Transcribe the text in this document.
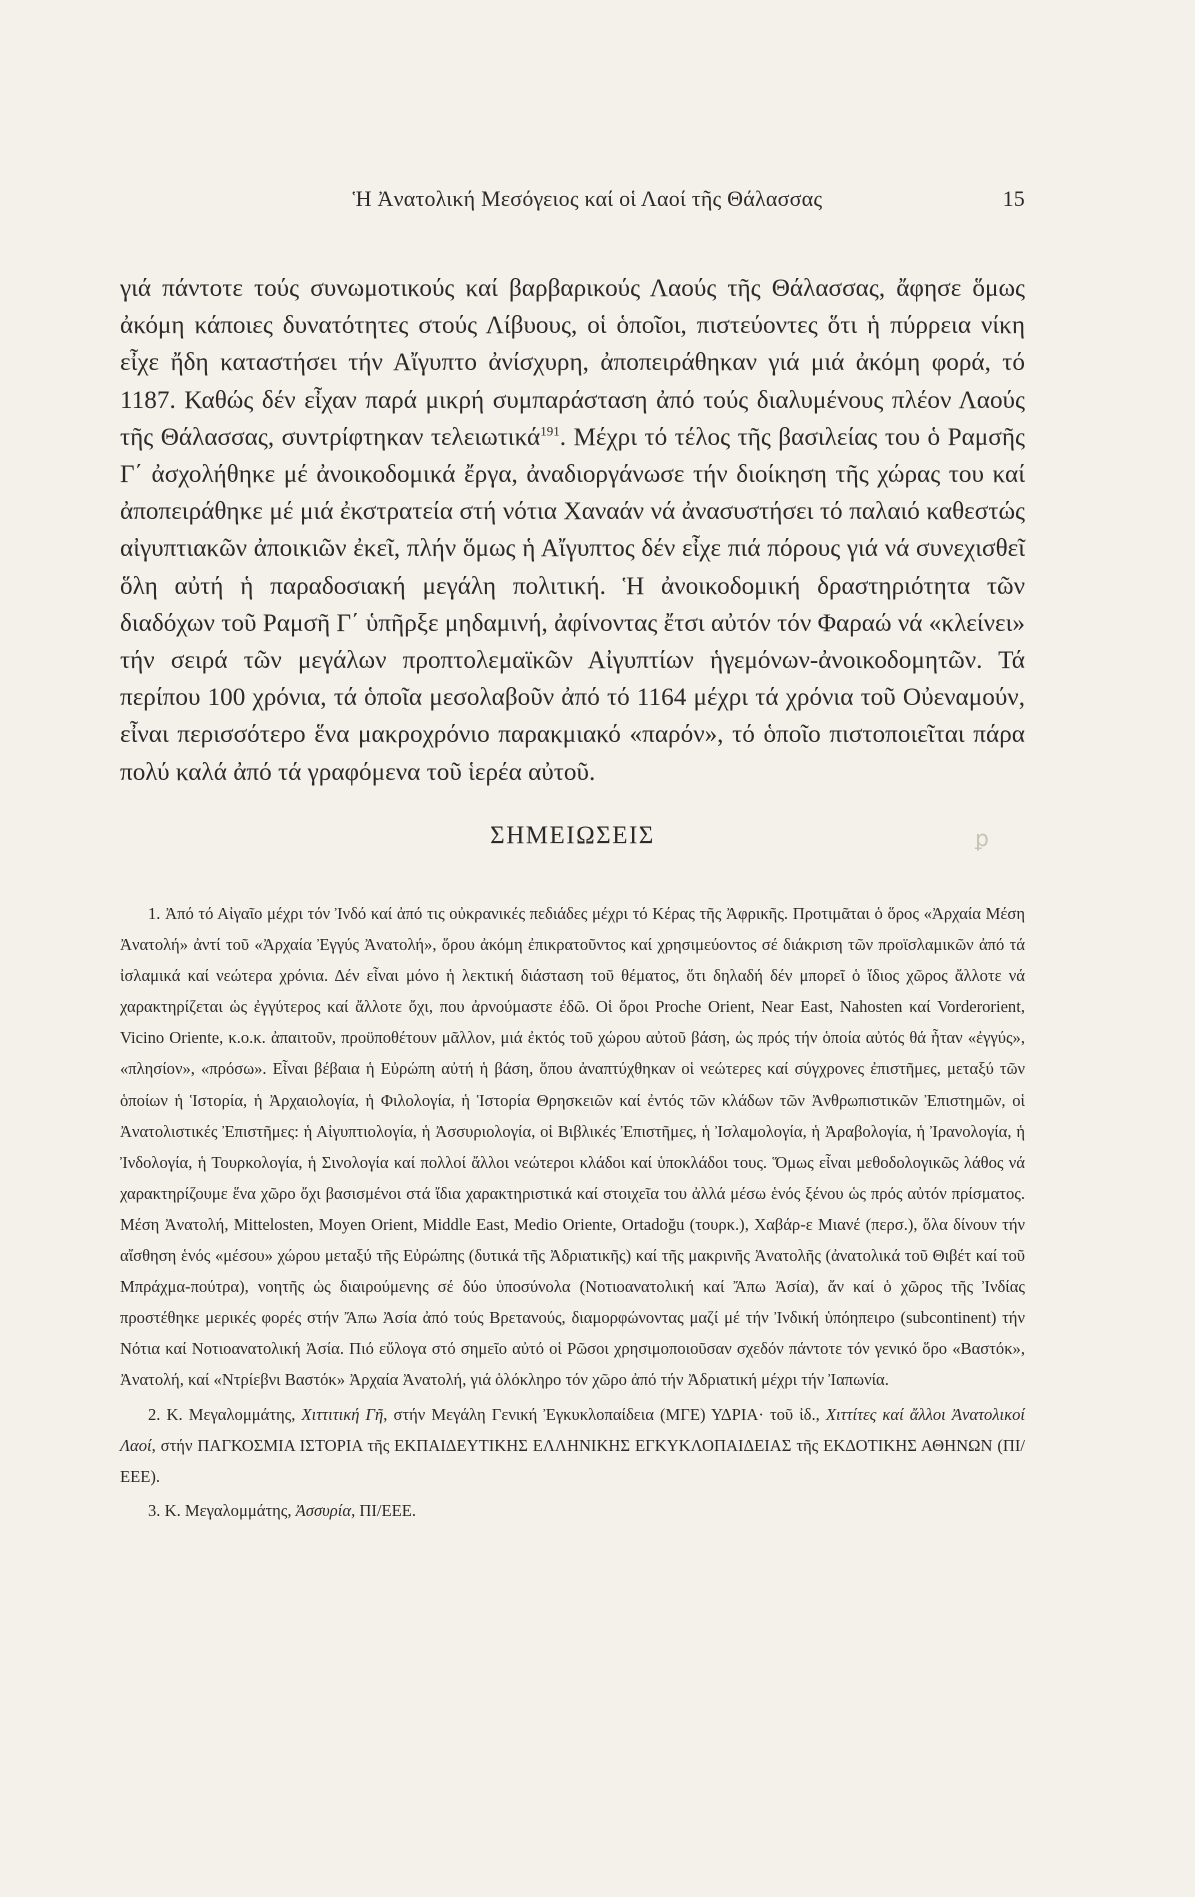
Ἡ Ἀνατολική Μεσόγειος καί οἱ Λαοί τῆς Θάλασσας	15

γιά πάντοτε τούς συνωμοτικούς καί βαρβαρικούς Λαούς τῆς Θάλασσας, ἄφησε ὅμως ἀκόμη κάποιες δυνατότητες στούς Λίβυους, οἱ ὁποῖοι, πιστεύοντες ὅτι ἡ πύρρεια νίκη εἶχε ἤδη καταστήσει τήν Αἴγυπτο ἀνίσχυρη, ἀποπειράθηκαν γιά μιά ἀκόμη φορά, τό 1187. Καθώς δέν εἶχαν παρά μικρή συμπαράσταση ἀπό τούς διαλυμένους πλέον Λαούς τῆς Θάλασσας, συντρίφτηκαν τελειωτικά$^{191}$. Μέχρι τό τέλος τῆς βασιλείας του ὁ Ραμσῆς Γ΄ ἀσχολήθηκε μέ ἀνοικοδομικά ἔργα, ἀναδιοργάνωσε τήν διοίκηση τῆς χώρας του καί ἀποπειράθηκε μέ μιά ἐκστρατεία στή νότια Χαναάν νά ἀνασυστήσει τό παλαιό καθεστώς αἰγυπτιακῶν ἀποικιῶν ἐκεῖ, πλήν ὅμως ἡ Αἴγυπτος δέν εἶχε πιά πόρους γιά νά συνεχισθεῖ ὅλη αὐτή ἡ παραδοσιακή μεγάλη πολιτική. Ἡ ἀνοικοδομική δραστηριότητα τῶν διαδόχων τοῦ Ραμσῆ Γ΄ ὑπῆρξε μηδαμινή, ἀφίνοντας ἔτσι αὐτόν τόν Φαραώ νά «κλείνει» τήν σειρά τῶν μεγάλων προπτολεμαϊκῶν Αἰγυπτίων ἡγεμόνων-ἀνοικοδομητῶν. Τά περίπου 100 χρόνια, τά ὁποῖα μεσολαβοῦν ἀπό τό 1164 μέχρι τά χρόνια τοῦ Οὐεναμούν, εἶναι περισσότερο ἕνα μακροχρόνιο παρακμιακό «παρόν», τό ὁποῖο πιστοποιεῖται πάρα πολύ καλά ἀπό τά γραφόμενα τοῦ ἱερέα αὐτοῦ.

ΣΗΜΕΙΩΣΕΙΣ	ꝑ

1. Ἀπό τό Αἰγαῖο μέχρι τόν Ἰνδό καί ἀπό τις οὐκρανικές πεδιάδες μέχρι τό Κέρας τῆς Ἀφρικῆς. Προτιμᾶται ὁ ὅρος «Ἀρχαία Μέση Ἀνατολή» ἀντί τοῦ «Ἀρχαία Ἐγγύς Ἀνατολή», ὅρου ἀκόμη ἐπικρατοῦντος καί χρησιμεύοντος σέ διάκριση τῶν προϊσλαμικῶν ἀπό τά ἰσλαμικά καί νεώτερα χρόνια. Δέν εἶναι μόνο ἡ λεκτική διάσταση τοῦ θέματος, ὅτι δηλαδή δέν μπορεῖ ὁ ἴδιος χῶρος ἄλλοτε νά χαρακτηρίζεται ὡς ἐγγύτερος καί ἄλλοτε ὄχι, που ἀρνούμαστε ἐδῶ. Οἱ ὅροι Proche Orient, Near East, Nahosten καί Vorderorient, Vicino Oriente, κ.ο.κ. ἀπαιτοῦν, προϋποθέτουν μᾶλλον, μιά ἐκτός τοῦ χώρου αὐτοῦ βάση, ὡς πρός τήν ὁποία αὐτός θά ἦταν «ἐγγύς», «πλησίον», «πρόσω». Εἶναι βέβαια ἡ Εὐρώπη αὐτή ἡ βάση, ὅπου ἀναπτύχθηκαν οἱ νεώτερες καί σύγχρονες ἐπιστῆμες, μεταξύ τῶν ὁποίων ἡ Ἱστορία, ἡ Ἀρχαιολογία, ἡ Φιλολογία, ἡ Ἱστορία Θρησκειῶν καί ἐντός τῶν κλάδων τῶν Ἀνθρωπιστικῶν Ἐπιστημῶν, οἱ Ἀνατολιστικές Ἐπιστῆμες: ἡ Αἰγυπτιολογία, ἡ Ἀσσυριολογία, οἱ Βιβλικές Ἐπιστῆμες, ἡ Ἰσλαμολογία, ἡ Ἀραβολογία, ἡ Ἰρανολογία, ἡ Ἰνδολογία, ἡ Τουρκολογία, ἡ Σινολογία καί πολλοί ἄλλοι νεώτεροι κλάδοι καί ὑποκλάδοι τους. Ὅμως εἶναι μεθοδολογικῶς λάθος νά χαρακτηρίζουμε ἕνα χῶρο ὄχι βασισμένοι στά ἴδια χαρακτηριστικά καί στοιχεῖα του ἀλλά μέσω ἑνός ξένου ὡς πρός αὐτόν πρίσματος. Μέση Ἀνατολή, Mittelosten, Moyen Orient, Middle East, Medio Oriente, Ortadoğu (τουρκ.), Χαβάρ-ε Μιανέ (περσ.), ὅλα δίνουν τήν αἴσθηση ἑνός «μέσου» χώρου μεταξύ τῆς Εὐρώπης (δυτικά τῆς Ἀδριατικῆς) καί τῆς μακρινῆς Ἀνατολῆς (ἀνατολικά τοῦ Θιβέτ καί τοῦ Μπράχμα-πούτρα), νοητῆς ὡς διαιρούμενης σέ δύο ὑποσύνολα (Νοτιοανατολική καί Ἄπω Ἀσία), ἄν καί ὁ χῶρος τῆς Ἰνδίας προστέθηκε μερικές φορές στήν Ἄπω Ἀσία ἀπό τούς Βρετανούς, διαμορφώνοντας μαζί μέ τήν Ἰνδική ὑπόηπειρο (subcontinent) τήν Νότια καί Νοτιοανατολική Ἀσία. Πιό εὔλογα στό σημεῖο αὐτό οἱ Ρῶσοι χρησιμοποιοῦσαν σχεδόν πάντοτε τόν γενικό ὅρο «Βαστόκ», Ἀνατολή, καί «Ντρίεβνι Βαστόκ» Ἀρχαία Ἀνατολή, γιά ὁλόκληρο τόν χῶρο ἀπό τήν Ἀδριατική μέχρι τήν Ἰαπωνία.

2. Κ. Μεγαλομμάτης, Χιττιτική Γῆ, στήν Μεγάλη Γενική Ἐγκυκλοπαίδεια (ΜΓΕ) ΥΔΡΙΑ· τοῦ ἰδ., Χιττίτες καί ἄλλοι Ἀνατολικοί Λαοί, στήν ΠΑΓΚΟΣΜΙΑ ΙΣΤΟΡΙΑ τῆς ΕΚΠΑΙΔΕΥΤΙΚΗΣ ΕΛΛΗΝΙΚΗΣ ΕΓΚΥΚΛΟΠΑΙΔΕΙΑΣ τῆς ΕΚΔΟΤΙΚΗΣ ΑΘΗΝΩΝ (ΠΙ/ΕΕΕ).

3. Κ. Μεγαλομμάτης, Ἀσσυρία, ΠΙ/ΕΕΕ.
